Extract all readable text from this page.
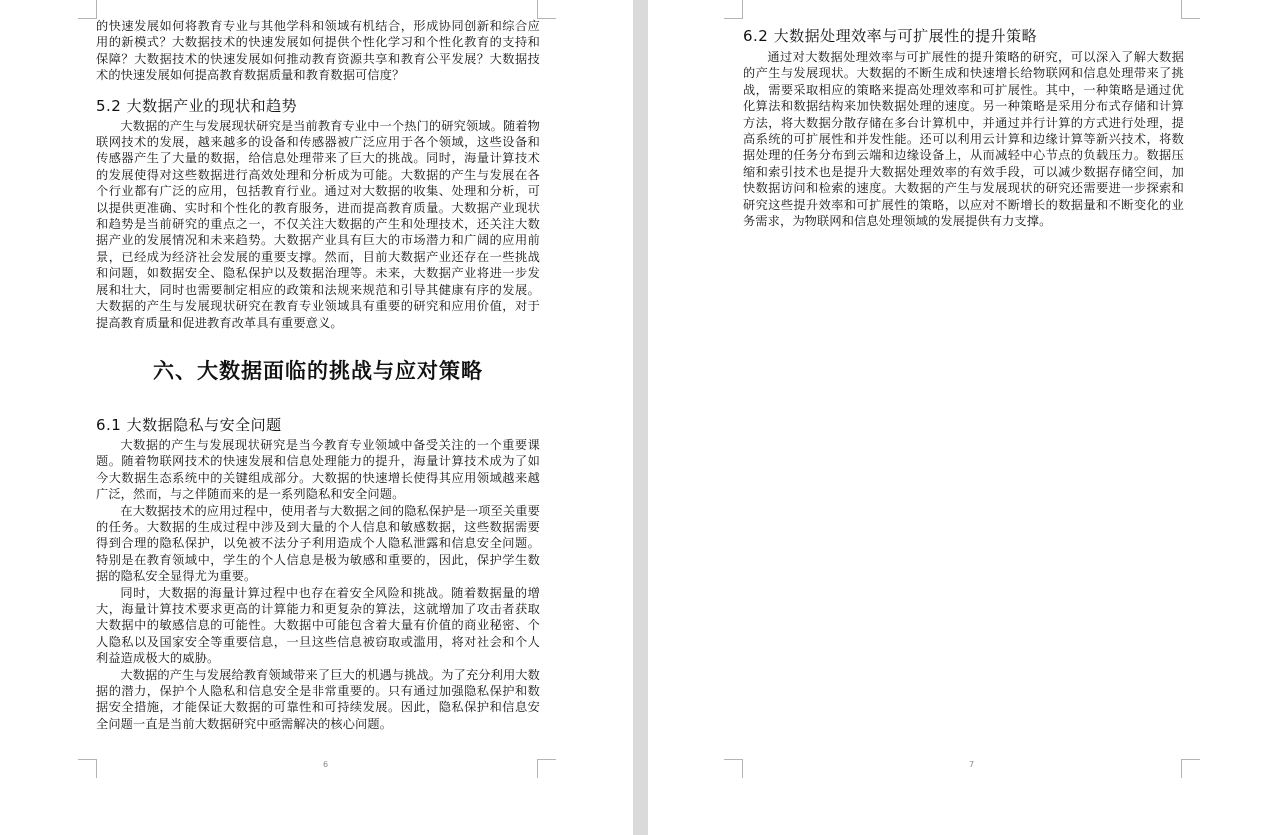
的快速发展如何将教育专业与其他学科和领域有机结合，形成协同创新和综合应用的新模式？大数据技术的快速发展如何提供个性化学习和个性化教育的支持和保障？大数据技术的快速发展如何推动教育资源共享和教育公平发展？大数据技术的快速发展如何提高教育数据质量和教育数据可信度？

5.2 大数据产业的现状和趋势

大数据的产生与发展现状研究是当前教育专业中一个热门的研究领域。随着物联网技术的发展，越来越多的设备和传感器被广泛应用于各个领域，这些设备和传感器产生了大量的数据，给信息处理带来了巨大的挑战。同时，海量计算技术的发展使得对这些数据进行高效处理和分析成为可能。大数据的产生与发展在各个行业都有广泛的应用，包括教育行业。通过对大数据的收集、处理和分析，可以提供更准确、实时和个性化的教育服务，进而提高教育质量。大数据产业现状和趋势是当前研究的重点之一，不仅关注大数据的产生和处理技术，还关注大数据产业的发展情况和未来趋势。大数据产业具有巨大的市场潜力和广阔的应用前景，已经成为经济社会发展的重要支撑。然而，目前大数据产业还存在一些挑战和问题，如数据安全、隐私保护以及数据治理等。未来，大数据产业将进一步发展和壮大，同时也需要制定相应的政策和法规来规范和引导其健康有序的发展。大数据的产生与发展现状研究在教育专业领域具有重要的研究和应用价值，对于提高教育质量和促进教育改革具有重要意义。

六、大数据面临的挑战与应对策略
6.1 大数据隐私与安全问题

大数据的产生与发展现状研究是当今教育专业领域中备受关注的一个重要课题。随着物联网技术的快速发展和信息处理能力的提升，海量计算技术成为了如今大数据生态系统中的关键组成部分。大数据的快速增长使得其应用领域越来越广泛，然而，与之伴随而来的是一系列隐私和安全问题。

在大数据技术的应用过程中，使用者与大数据之间的隐私保护是一项至关重要的任务。大数据的生成过程中涉及到大量的个人信息和敏感数据，这些数据需要得到合理的隐私保护，以免被不法分子利用造成个人隐私泄露和信息安全问题。特别是在教育领域中，学生的个人信息是极为敏感和重要的，因此，保护学生数据的隐私安全显得尤为重要。

同时，大数据的海量计算过程中也存在着安全风险和挑战。随着数据量的增大，海量计算技术要求更高的计算能力和更复杂的算法，这就增加了攻击者获取大数据中的敏感信息的可能性。大数据中可能包含着大量有价值的商业秘密、个人隐私以及国家安全等重要信息，一旦这些信息被窃取或滥用，将对社会和个人利益造成极大的威胁。

大数据的产生与发展给教育领域带来了巨大的机遇与挑战。为了充分利用大数据的潜力，保护个人隐私和信息安全是非常重要的。只有通过加强隐私保护和数据安全措施，才能保证大数据的可靠性和可持续发展。因此，隐私保护和信息安全问题一直是当前大数据研究中亟需解决的核心问题。

6
6.2 大数据处理效率与可扩展性的提升策略

通过对大数据处理效率与可扩展性的提升策略的研究，可以深入了解大数据的产生与发展现状。大数据的不断生成和快速增长给物联网和信息处理带来了挑战，需要采取相应的策略来提高处理效率和可扩展性。其中，一种策略是通过优化算法和数据结构来加快数据处理的速度。另一种策略是采用分布式存储和计算方法，将大数据分散存储在多台计算机中，并通过并行计算的方式进行处理，提高系统的可扩展性和并发性能。还可以利用云计算和边缘计算等新兴技术，将数据处理的任务分布到云端和边缘设备上，从而减轻中心节点的负载压力。数据压缩和索引技术也是提升大数据处理效率的有效手段，可以减少数据存储空间，加快数据访问和检索的速度。大数据的产生与发展现状的研究还需要进一步探索和研究这些提升效率和可扩展性的策略，以应对不断增长的数据量和不断变化的业务需求，为物联网和信息处理领域的发展提供有力支撑。

7
